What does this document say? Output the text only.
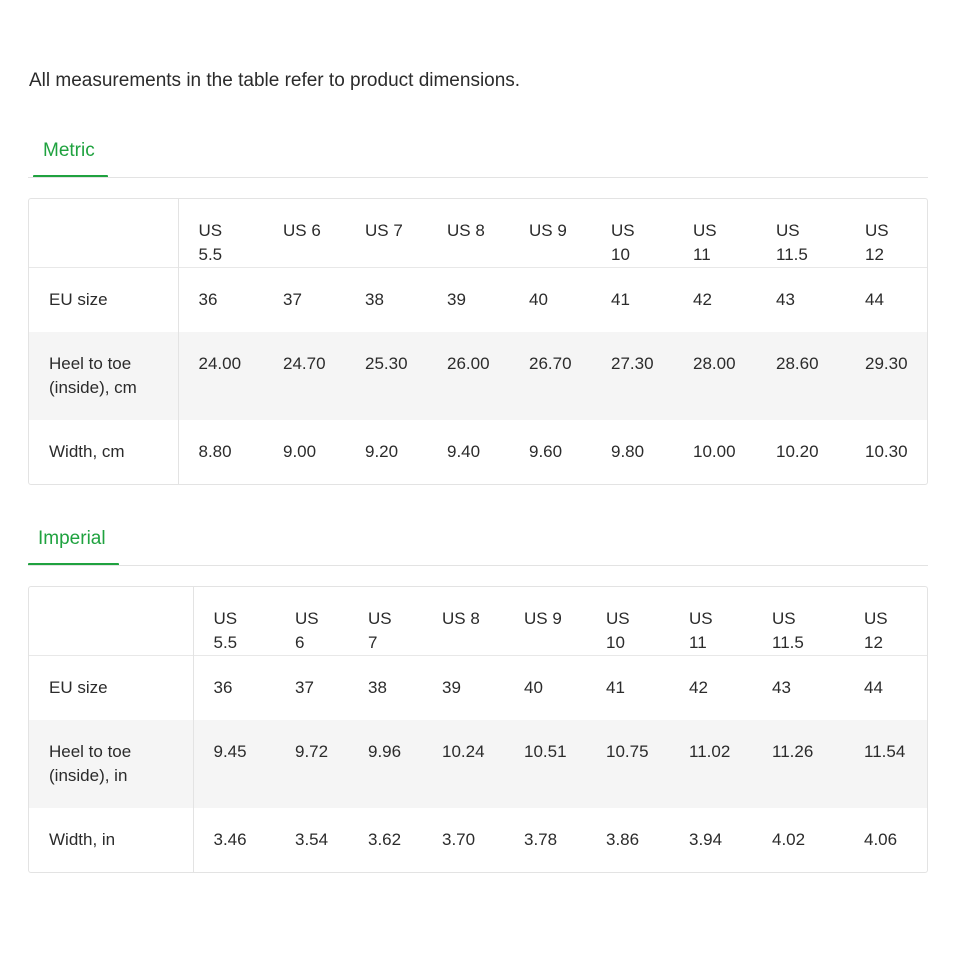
All measurements in the table refer to product dimensions.
Metric
	US 5.5	US 6	US 7	US 8	US 9	US 10	US 11	US 11.5	US 12
EU size	36	37	38	39	40	41	42	43	44
Heel to toe (inside), cm	24.00	24.70	25.30	26.00	26.70	27.30	28.00	28.60	29.30
Width, cm	8.80	9.00	9.20	9.40	9.60	9.80	10.00	10.20	10.30
Imperial
	US 5.5	US 6	US 7	US 8	US 9	US 10	US 11	US 11.5	US 12
EU size	36	37	38	39	40	41	42	43	44
Heel to toe (inside), in	9.45	9.72	9.96	10.24	10.51	10.75	11.02	11.26	11.54
Width, in	3.46	3.54	3.62	3.70	3.78	3.86	3.94	4.02	4.06
